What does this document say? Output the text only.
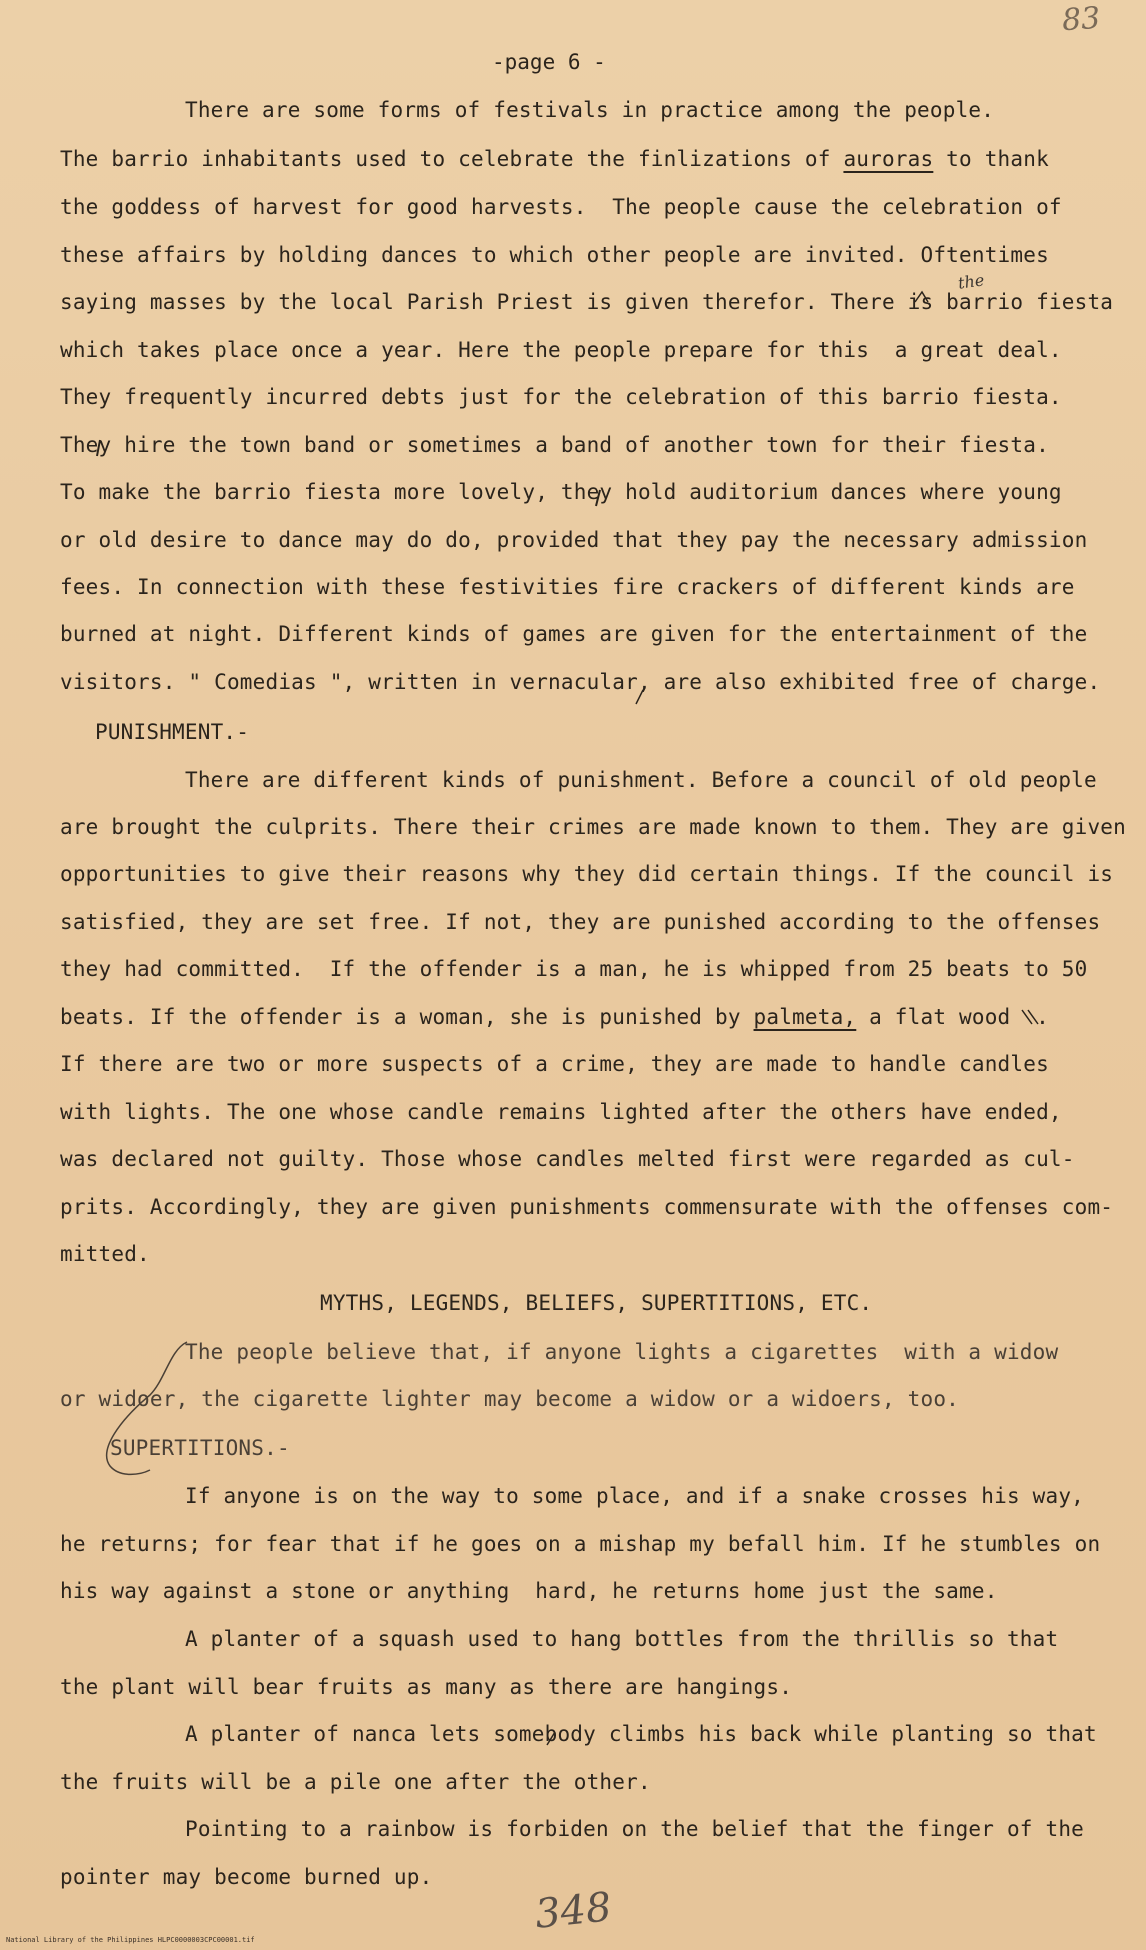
83
-page 6 -
There are some forms of festivals in practice among the people.
The barrio inhabitants used to celebrate the finlizations of auroras to thank
the goddess of harvest for good harvests.  The people cause the celebration of
these affairs by holding dances to which other people are invited. Oftentimes
saying masses by the local Parish Priest is given therefor. There is barrio fiesta
which takes place once a year. Here the people prepare for this  a great deal.
They frequently incurred debts just for the celebration of this barrio fiesta.
They hire the town band or sometimes a band of another town for their fiesta.
To make the barrio fiesta more lovely, they hold auditorium dances where young
or old desire to dance may do do, provided that they pay the necessary admission
fees. In connection with these festivities fire crackers of different kinds are
burned at night. Different kinds of games are given for the entertainment of the
visitors. " Comedias ", written in vernacular, are also exhibited free of charge.
the
PUNISHMENT.-
There are different kinds of punishment. Before a council of old people
are brought the culprits. There their crimes are made known to them. They are given
opportunities to give their reasons why they did certain things. If the council is
satisfied, they are set free. If not, they are punished according to the offenses
they had committed.  If the offender is a man, he is whipped from 25 beats to 50
beats. If the offender is a woman, she is punished by palmeta, a flat wood  .
If there are two or more suspects of a crime, they are made to handle candles
with lights. The one whose candle remains lighted after the others have ended,
was declared not guilty. Those whose candles melted first were regarded as cul-
prits. Accordingly, they are given punishments commensurate with the offenses com-
mitted.
MYTHS, LEGENDS, BELIEFS, SUPERTITIONS, ETC.
The people believe that, if anyone lights a cigarettes  with a widow
or widoer, the cigarette lighter may become a widow or a widoers, too.
SUPERTITIONS.-
If anyone is on the way to some place, and if a snake crosses his way,
he returns; for fear that if he goes on a mishap my befall him. If he stumbles on
his way against a stone or anything  hard, he returns home just the same.
A planter of a squash used to hang bottles from the thrillis so that
the plant will bear fruits as many as there are hangings.
A planter of nanca lets somebody climbs his back while planting so that
the fruits will be a pile one after the other.
Pointing to a rainbow is forbiden on the belief that the finger of the
pointer may become burned up.
348
National Library of the Philippines HLPC0000003CPC00001.tif
